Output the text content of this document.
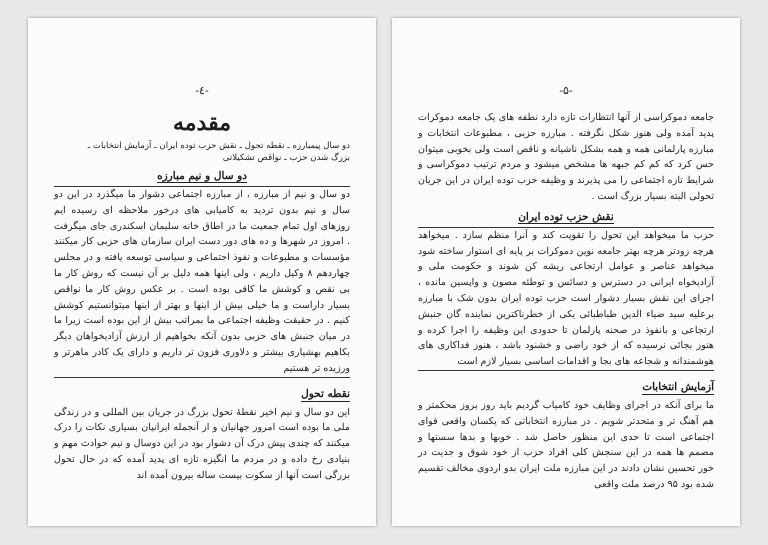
-٤-
مقدمه
دو سال پیمبارزه ـ نقطه تحول ـ نقش حزب توده ایران ـ آزمایش انتخابات ـ
بزرگ شدن حزب ـ نواقص تشکیلاتی
دو سال و نیم مبارزه

دو سال و نیم از مبارزه ، از مبارزه اجتماعی دشوار ما میگذرد در این دو سال و نیم بدون تردید به کامیابی های درخور ملاحظه ای رسیده ایم روزهای اول تمام جمعیت ما در اطاق خانه سلیمان اسکندری جای میگرفت . امروز در شهرها و ده های دور دست ایران سازمان های حزبی کار میکنند مؤسسات و مطبوعات و نفوذ اجتماعی و سیاسی توسعه یافته و در مجلس چهاردهم ۸ وکیل داریم ، ولی اینها همه دلیل بر آن نیست که روش کار ما بی نقص و کوشش ما کافی بوده است . بر عکس روش کار ما نواقص بسیار داراست و ما خیلی بیش از اینها و بهتر از اینها میتوانستیم کوشش کنیم . در حقیقت وظیفه اجتماعی ما بمراتب بیش از این بوده است زیرا ما در میان جنبش های حزبی بدون آنکه بخواهیم از ارزش آزادیخواهان دیگر بکاهیم بهشیاری بیشتر و دلاوری فزون تر داریم و دارای یک کادر ماهرتر و ورزیده تر هستیم

نقطه تحول

این دو سال و نیم اخیر نقطهٔ تحول بزرگ در جریان بین المللی و در زندگی ملی ما بوده است امروز جهانیان و از آنجمله ایرانیان بسیاری نکات را درک میکنند که چندی پیش درک آن دشوار بود در این دوسال و نیم حوادث مهم و بنیادی رخ داده و در مردم ما انگیزه تازه ای پدید آمده که در حال تحول بزرگی است آنها از سکوت بیست ساله بیرون آمده اند

-۵-

جامعه دموکراسی از آنها انتظارات تازه دارد نطفه های یک جامعه دموکرات پدید آمده ولی هنوز شکل نگرفته . مبارزه حزبی ، مطبوعات انتخابات و مبارزه پارلمانی همه و همه بشکل ناشیانه و ناقص است ولی بخوبی میتوان حس کرد که کم کم جبهه ها مشخص میشود و مردم ترتیب دموکراسی و شرایط تازه اجتماعی را می پذیرند و وظیفه حزب توده ایران در این جریان تحولی البته بسیار بزرگ است .

نقش حزب توده ایران

حزب ما میخواهد این تحول را تقویت کند و آنرا منظم سازد . میخواهد هرچه زودتر هرچه بهتر جامعه نوین دموکرات بر پایه ای استوار ساخته شود میخواهد عناصر و عوامل ارتجاعی ریشه کن شوند و حکومت ملی و آزادیخواه ایرانی در دسترس و دسائس و توطئه مصون و واپسین مانده ، اجرای این نقش بسیار دشوار است حزب توده ایران بدون شک با مبارزه برعلیه سید ضیاء الدین طباطبائی یکی از خطرناکترین نماینده گان جنبش ارتجاعی و بانفوذ در صحنه پارلمان تا حدودی این وظیفه را اجرا کرده و هنوز بجائی نرسیده که از خود راضی و خشنود باشد ، هنوز فداکاری های هوشمندانه و شجاعه های بجا و اقدامات اساسی بسیار لازم است

آزمایش انتخابات

ما برای آنکه در اجرای وظایف خود کامیاب گردیم باید روز بروز محکمتر و هم آهنگ تر و متحدتر شویم . در مبارزه انتخاباتی که یکسان واقعی قوای اجتماعی است تا حدی این منظور حاصل شد . خوبها و بدها سستها و مصمم ها همه در این سنجش کلی افراد حزب از خود شوق و جدیت در خور تحسین نشان دادند در این مبارزه ملت ایران بدو اردوی مخالف تقسیم شده بود ۹۵ درصد ملت واقعی
